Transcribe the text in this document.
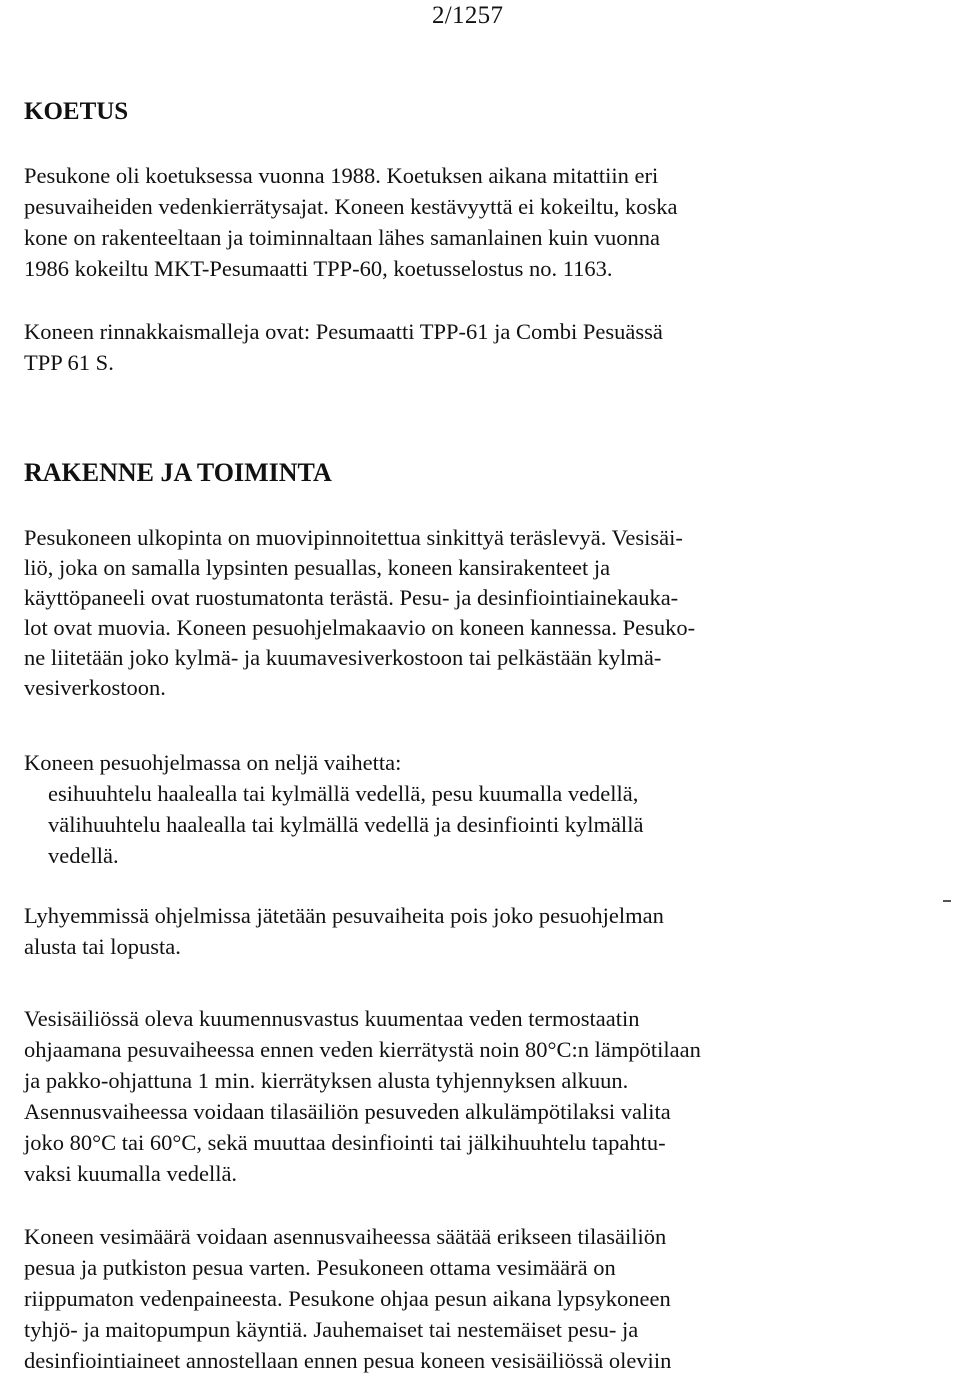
2/1257
KOETUS

Pesukone oli koetuksessa vuonna 1988. Koetuksen aikana mitattiin eri
pesuvaiheiden vedenkierrätysajat. Koneen kestävyyttä ei kokeiltu, koska
kone on rakenteeltaan ja toiminnaltaan lähes samanlainen kuin vuonna
1986 kokeiltu MKT-Pesumaatti TPP-60, koetusselostus no. 1163.

Koneen rinnakkaismalleja ovat: Pesumaatti TPP-61 ja Combi Pesuässä
TPP 61 S.

RAKENNE JA TOIMINTA

Pesukoneen ulkopinta on muovipinnoitettua sinkittyä teräslevyä. Vesisäi-
liö, joka on samalla lypsinten pesuallas, koneen kansirakenteet ja
käyttöpaneeli ovat ruostumatonta terästä. Pesu- ja desinfiointiainekauka-
lot ovat muovia. Koneen pesuohjelmakaavio on koneen kannessa. Pesuko-
ne liitetään joko kylmä- ja kuumavesiverkostoon tai pelkästään kylmä-
vesiverkostoon.

Koneen pesuohjelmassa on neljä vaihetta:
esihuuhtelu haalealla tai kylmällä vedellä, pesu kuumalla vedellä,
välihuuhtelu haalealla tai kylmällä vedellä ja desinfiointi kylmällä
vedellä.

Lyhyemmissä ohjelmissa jätetään pesuvaiheita pois joko pesuohjelman
alusta tai lopusta.

Vesisäiliössä oleva kuumennusvastus kuumentaa veden termostaatin
ohjaamana pesuvaiheessa ennen veden kierrätystä noin 80°C:n lämpötilaan
ja pakko-ohjattuna 1 min. kierrätyksen alusta tyhjennyksen alkuun.
Asennusvaiheessa voidaan tilasäiliön pesuveden alkulämpötilaksi valita
joko 80°C tai 60°C, sekä muuttaa desinfiointi tai jälkihuuhtelu tapahtu-
vaksi kuumalla vedellä.

Koneen vesimäärä voidaan asennusvaiheessa säätää erikseen tilasäiliön
pesua ja putkiston pesua varten. Pesukoneen ottama vesimäärä on
riippumaton vedenpaineesta. Pesukone ohjaa pesun aikana lypsykoneen
tyhjö- ja maitopumpun käyntiä. Jauhemaiset tai nestemäiset pesu- ja
desinfiointiaineet annostellaan ennen pesua koneen vesisäiliössä oleviin
